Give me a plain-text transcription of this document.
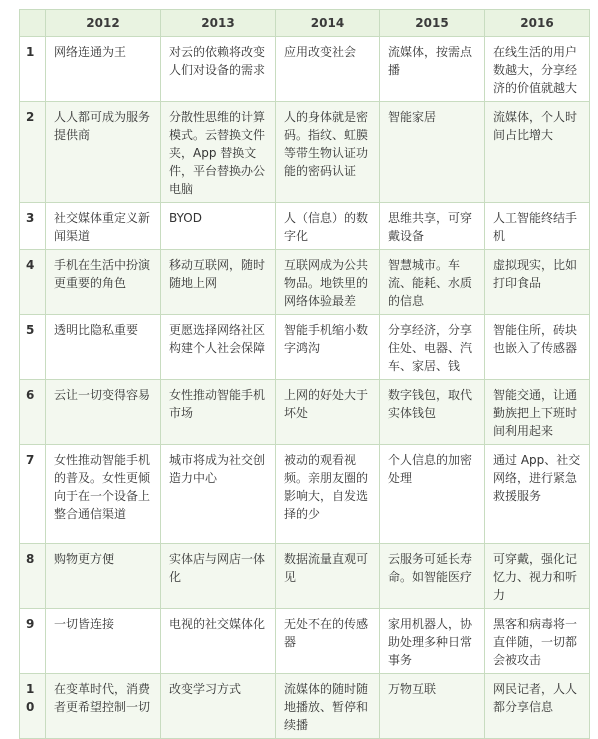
	2012	2013	2014	2015	2016
1	网络连通为王	对云的依赖将改变人们对设备的需求	应用改变社会	流媒体，按需点播	在线生活的用户数越大，分享经济的价值就越大
2	人人都可成为服务提供商	分散性思维的计算模式。云替换文件夹，App 替换文件，平台替换办公电脑	人的身体就是密码。指纹、虹膜等带生物认证功能的密码认证	智能家居	流媒体，个人时间占比增大
3	社交媒体重定义新闻渠道	BYOD	人（信息）的数字化	思维共享，可穿戴设备	人工智能终结手机
4	手机在生活中扮演更重要的角色	移动互联网，随时随地上网	互联网成为公共物品。地铁里的网络体验最差	智慧城市。车流、能耗、水质的信息	虚拟现实，比如打印食品
5	透明比隐私重要	更愿选择网络社区构建个人社会保障	智能手机缩小数字鸿沟	分享经济，分享住处、电器、汽车、家居、钱	智能住所，砖块也嵌入了传感器
6	云让一切变得容易	女性推动智能手机市场	上网的好处大于坏处	数字钱包，取代实体钱包	智能交通，让通勤族把上下班时间利用起来
7	女性推动智能手机的普及。女性更倾向于在一个设备上整合通信渠道	城市将成为社交创造力中心	被动的观看视频。亲朋友圈的影响大，自发选择的少	个人信息的加密处理	通过 App、社交网络，进行紧急救援服务
8	购物更方便	实体店与网店一体化	数据流量直观可见	云服务可延长寿命。如智能医疗	可穿戴，强化记忆力、视力和听力
9	一切皆连接	电视的社交媒体化	无处不在的传感器	家用机器人，协助处理多种日常事务	黑客和病毒将一直伴随，一切都会被攻击
10	在变革时代，消费者更希望控制一切	改变学习方式	流媒体的随时随地播放、暂停和续播	万物互联	网民记者，人人都分享信息
